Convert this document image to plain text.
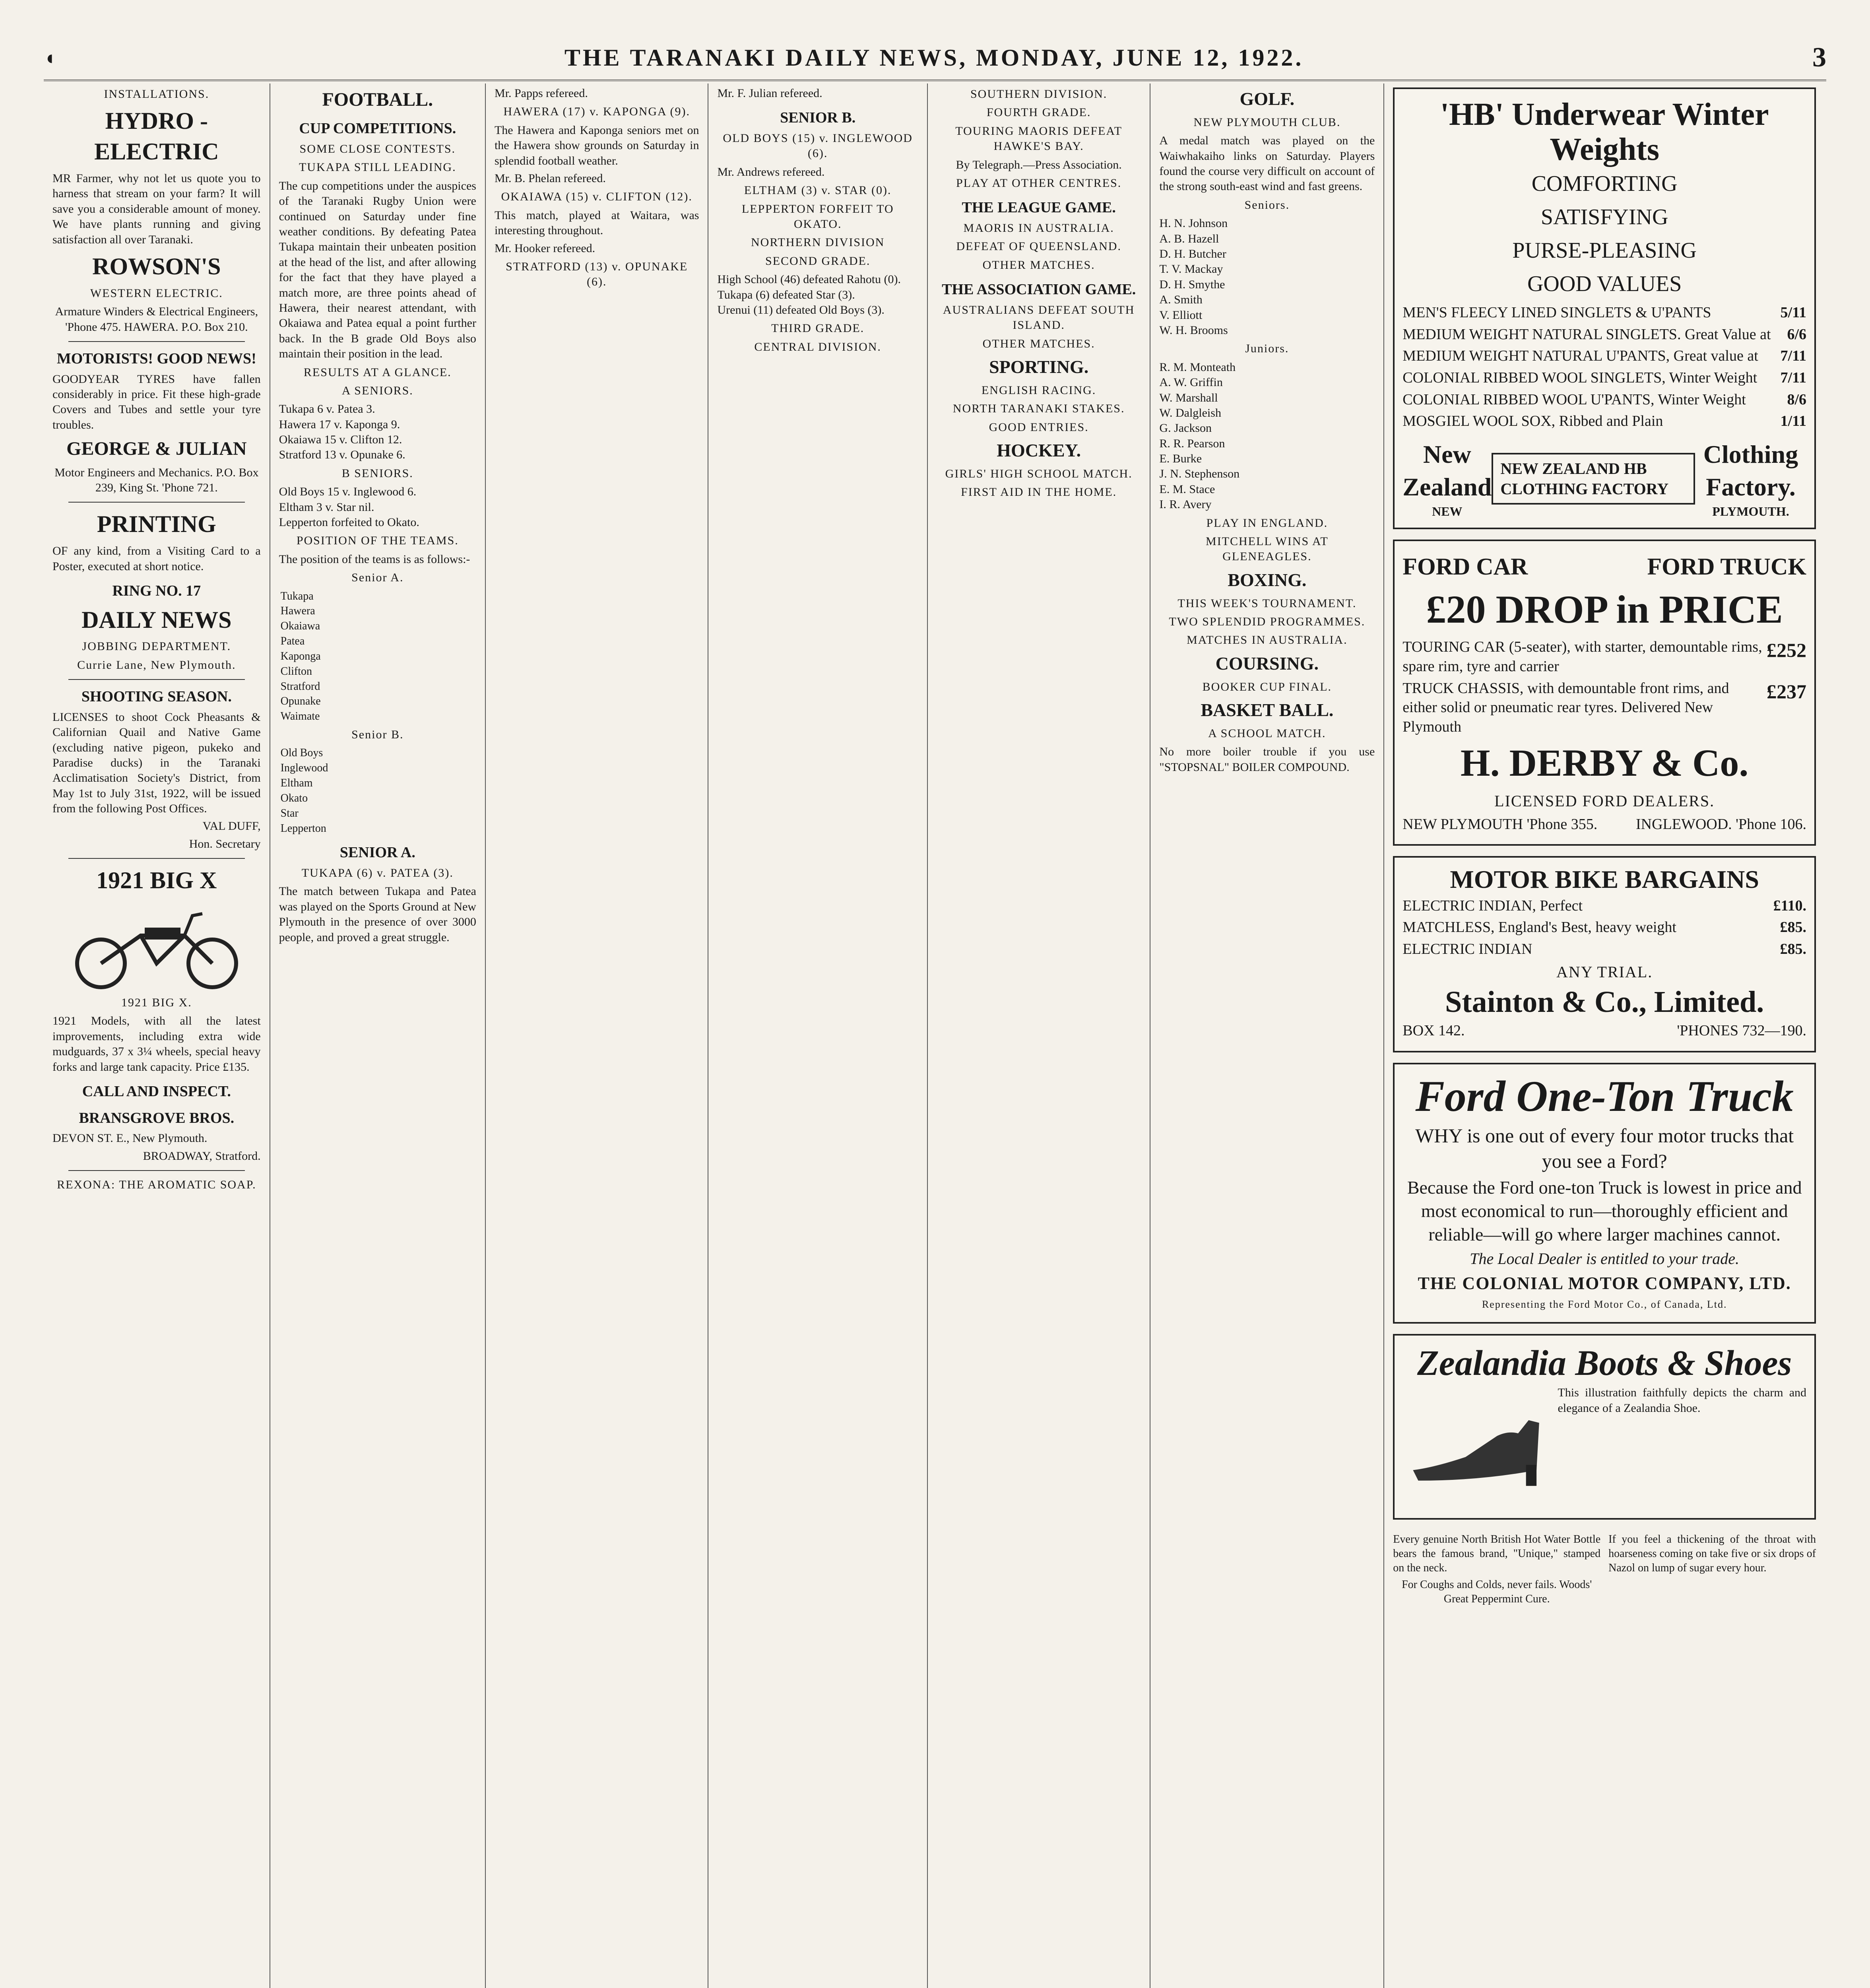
◖	THE TARANAKI DAILY NEWS, MONDAY, JUNE 12, 1922.	3
INSTALLATIONS.
HYDRO - ELECTRIC

MR Farmer, why not let us quote you to harness that stream on your farm? It will save you a considerable amount of money. We have plants running and giving satisfaction all over Taranaki.

ROWSON'S
WESTERN ELECTRIC.

Armature Winders & Electrical Engineers, 'Phone 475. HAWERA. P.O. Box 210.

MOTORISTS! GOOD NEWS!

GOODYEAR TYRES have fallen considerably in price. Fit these high-grade Covers and Tubes and settle your tyre troubles.

GEORGE & JULIAN

Motor Engineers and Mechanics. P.O. Box 239, King St. 'Phone 721.

PRINTING

OF any kind, from a Visiting Card to a Poster, executed at short notice.

RING NO. 17
DAILY NEWS
JOBBING DEPARTMENT.
Currie Lane, New Plymouth.
SHOOTING SEASON.

LICENSES to shoot Cock Pheasants & Californian Quail and Native Game (excluding native pigeon, pukeko and Paradise ducks) in the Taranaki Acclimatisation Society's District, from May 1st to July 31st, 1922, will be issued from the following Post Offices.

VAL DUFF,

Hon. Secretary

1921 BIG X
1921 BIG X.

1921 Models, with all the latest improvements, including extra wide mudguards, 37 x 3¼ wheels, special heavy forks and large tank capacity. Price £135.

CALL AND INSPECT.
BRANSGROVE BROS.

DEVON ST. E., New Plymouth.

BROADWAY, Stratford.

REXONA: THE AROMATIC SOAP.
FOOTBALL.
CUP COMPETITIONS.
SOME CLOSE CONTESTS.
TUKAPA STILL LEADING.

The cup competitions under the auspices of the Taranaki Rugby Union were continued on Saturday under fine weather conditions. By defeating Patea Tukapa maintain their unbeaten position at the head of the list, and after allowing for the fact that they have played a match more, are three points ahead of Hawera, their nearest attendant, with Okaiawa and Patea equal a point further back. In the B grade Old Boys also maintain their position in the lead.

RESULTS AT A GLANCE.
A SENIORS.
Tukapa 6 v. Patea 3.
Hawera 17 v. Kaponga 9.
Okaiawa 15 v. Clifton 12.
Stratford 13 v. Opunake 6.
B SENIORS.
Old Boys 15 v. Inglewood 6.
Eltham 3 v. Star nil.
Lepperton forfeited to Okato.
POSITION OF THE TEAMS.

The position of the teams is as follows:-

Senior A.
Tukapa
Hawera
Okaiawa
Patea
Kaponga
Clifton
Stratford
Opunake
Waimate
Senior B.
Old Boys
Inglewood
Eltham
Okato
Star
Lepperton
SENIOR A.
TUKAPA (6) v. PATEA (3).

The match between Tukapa and Patea was played on the Sports Ground at New Plymouth in the presence of over 3000 people, and proved a great struggle.

Mr. Papps refereed.

HAWERA (17) v. KAPONGA (9).

The Hawera and Kaponga seniors met on the Hawera show grounds on Saturday in splendid football weather.

Mr. B. Phelan refereed.

OKAIAWA (15) v. CLIFTON (12).

This match, played at Waitara, was interesting throughout.

Mr. Hooker refereed.

STRATFORD (13) v. OPUNAKE (6).

Mr. F. Julian refereed.

SENIOR B.
OLD BOYS (15) v. INGLEWOOD (6).

Mr. Andrews refereed.

ELTHAM (3) v. STAR (0).
LEPPERTON FORFEIT TO OKATO.
NORTHERN DIVISION
SECOND GRADE.
High School (46) defeated Rahotu (0).
Tukapa (6) defeated Star (3).
Urenui (11) defeated Old Boys (3).
THIRD GRADE.
CENTRAL DIVISION.
SOUTHERN DIVISION.
FOURTH GRADE.
TOURING MAORIS DEFEAT HAWKE'S BAY.

By Telegraph.—Press Association.

PLAY AT OTHER CENTRES.
THE LEAGUE GAME.
MAORIS IN AUSTRALIA.
DEFEAT OF QUEENSLAND.
OTHER MATCHES.
THE ASSOCIATION GAME.
AUSTRALIANS DEFEAT SOUTH ISLAND.
OTHER MATCHES.
SPORTING.
ENGLISH RACING.
NORTH TARANAKI STAKES.
GOOD ENTRIES.
HOCKEY.
GIRLS' HIGH SCHOOL MATCH.
FIRST AID IN THE HOME.
GOLF.
NEW PLYMOUTH CLUB.

A medal match was played on the Waiwhakaiho links on Saturday. Players found the course very difficult on account of the strong south-east wind and fast greens.

Seniors.
H. N. Johnson
A. B. Hazell
D. H. Butcher
T. V. Mackay
D. H. Smythe
A. Smith
V. Elliott
W. H. Brooms
Juniors.
R. M. Monteath
A. W. Griffin
W. Marshall
W. Dalgleish
G. Jackson
R. R. Pearson
E. Burke
J. N. Stephenson
E. M. Stace
I. R. Avery
PLAY IN ENGLAND.
MITCHELL WINS AT GLENEAGLES.
BOXING.
THIS WEEK'S TOURNAMENT.
TWO SPLENDID PROGRAMMES.
MATCHES IN AUSTRALIA.
COURSING.
BOOKER CUP FINAL.
BASKET BALL.
A SCHOOL MATCH.

No more boiler trouble if you use "STOPSNAL" BOILER COMPOUND.

'HB' Underwear Winter Weights
COMFORTING
SATISFYING
PURSE-PLEASING
GOOD VALUES
MEN'S FLEECY LINED SINGLETS & U'PANTS	5/11
MEDIUM WEIGHT NATURAL SINGLETS. Great Value at 6/6
MEDIUM WEIGHT NATURAL U'PANTS, Great value at 7/11
COLONIAL RIBBED WOOL SINGLETS, Winter Weight 7/11
COLONIAL RIBBED WOOL U'PANTS, Winter Weight	8/6
MOSGIEL WOOL SOX, Ribbed and Plain	1/11
New Zealand
NEW
NEW ZEALAND HB CLOTHING FACTORY
Clothing Factory.
PLYMOUTH.
FORD CAR	FORD TRUCK
£20 DROP in PRICE
TOURING CAR (5-seater), with starter, demountable rims, spare rim, tyre and carrier
£252
TRUCK CHASSIS, with demountable front rims, and either solid or pneumatic rear tyres. Delivered New Plymouth
£237
H. DERBY & Co.
LICENSED FORD DEALERS.
NEW PLYMOUTH 'Phone 355.	INGLEWOOD. 'Phone 106.
MOTOR BIKE BARGAINS
ELECTRIC INDIAN, Perfect	£110.
MATCHLESS, England's Best, heavy weight	£85.
ELECTRIC INDIAN	£85.
ANY TRIAL.
Stainton & Co., Limited.
BOX 142.	'PHONES 732—190.
Ford One-Ton Truck

WHY is one out of every four motor trucks that you see a Ford?

Because the Ford one-ton Truck is lowest in price and most economical to run—thoroughly efficient and reliable—will go where larger machines cannot.

The Local Dealer is entitled to your trade.

THE COLONIAL MOTOR COMPANY, LTD.
Representing the Ford Motor Co., of Canada, Ltd.
Zealandia Boots & Shoes

This illustration faithfully depicts the charm and elegance of a Zealandia Shoe.

Every genuine North British Hot Water Bottle bears the famous brand, "Unique," stamped on the neck.

For Coughs and Colds, never fails. Woods' Great Peppermint Cure.

If you feel a thickening of the throat with hoarseness coming on take five or six drops of Nazol on lump of sugar every hour.
